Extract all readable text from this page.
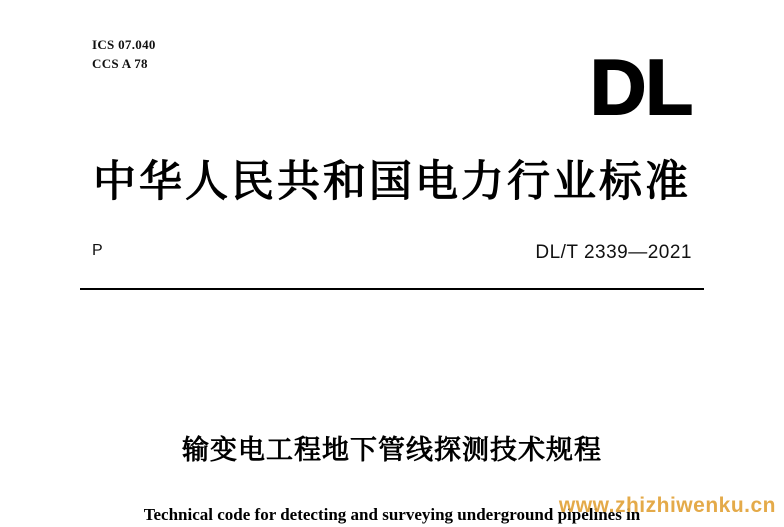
ICS 07.040
CCS A 78	DL
中华人民共和国电力行业标准
P	DL/T 2339—2021
输变电工程地下管线探测技术规程
Technical code for detecting and surveying underground pipelines in
www.zhizhiwenku.cn
